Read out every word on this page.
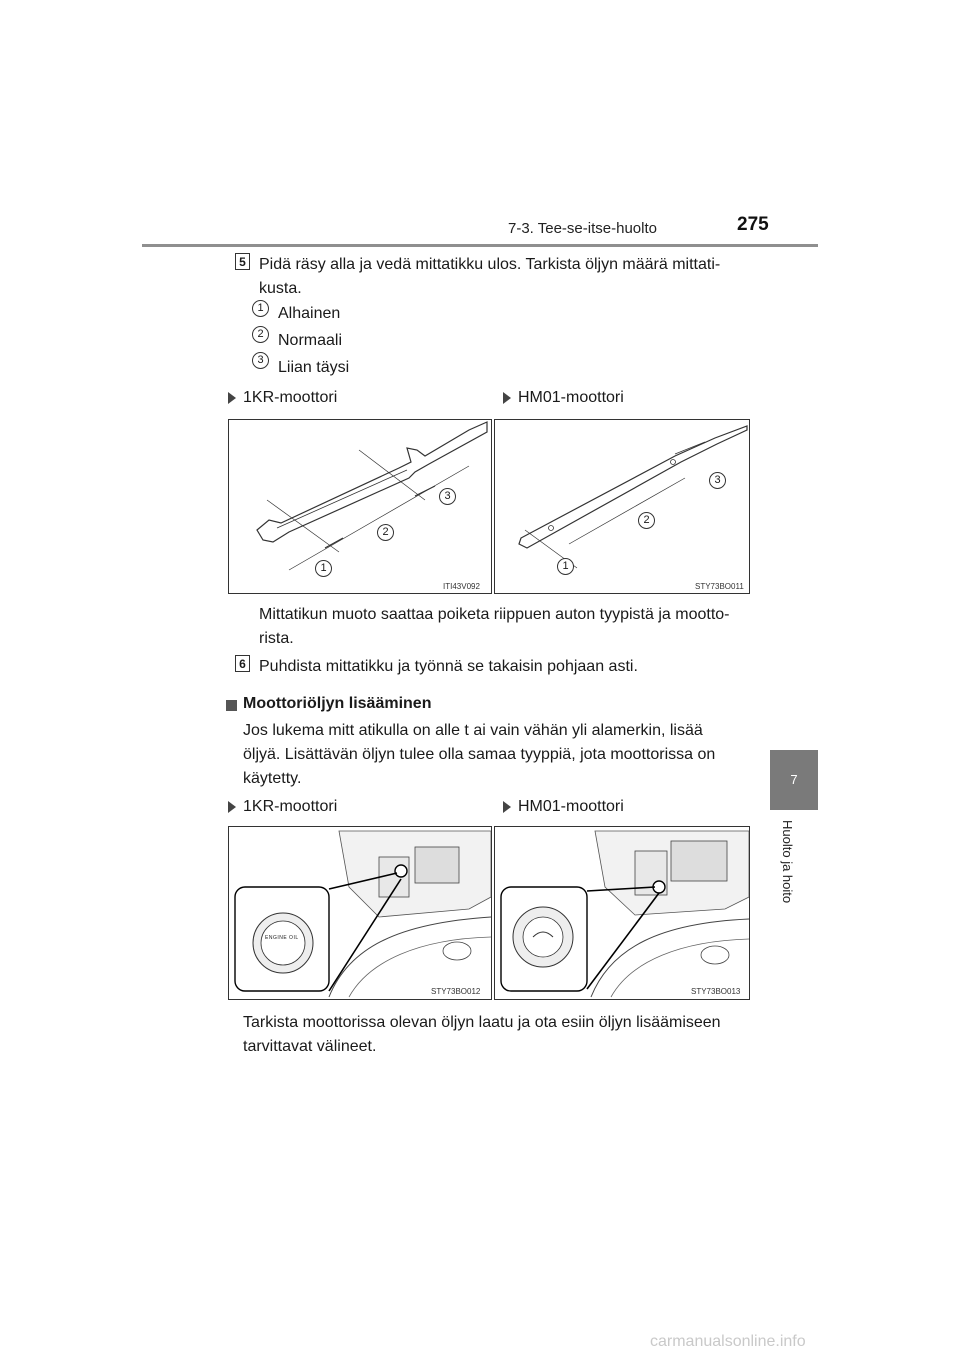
7-3. Tee-se-itse-huolto	275
7
Huolto ja hoito
5 Pidä räsy alla ja vedä mittatikku ulos. Tarkista öljyn määrä mittati-
kusta.
1 Alhainen
2 Normaali
3 Liian täysi
1KR-moottori	HM01-moottori
3
2
1
ITI43V092
3
2
1
STY73BO011
Mittatikun muoto saattaa poiketa riippuen auton tyypistä ja mootto-
rista.
6 Puhdista mittatikku ja työnnä se takaisin pohjaan asti.
Moottoriöljyn lisääminen
Jos lukema mitt atikulla on alle t ai vain vähän yli alamerkin, lisää
öljyä. Lisättävän öljyn tulee olla samaa tyyppiä, jota moottorissa on
käytetty.
1KR-moottori	HM01-moottori
ENGINE OIL
STY73BO012	STY73BO013
Tarkista moottorissa olevan öljyn laatu ja ota esiin öljyn lisäämiseen
tarvittavat välineet.
carmanualsonline.info
